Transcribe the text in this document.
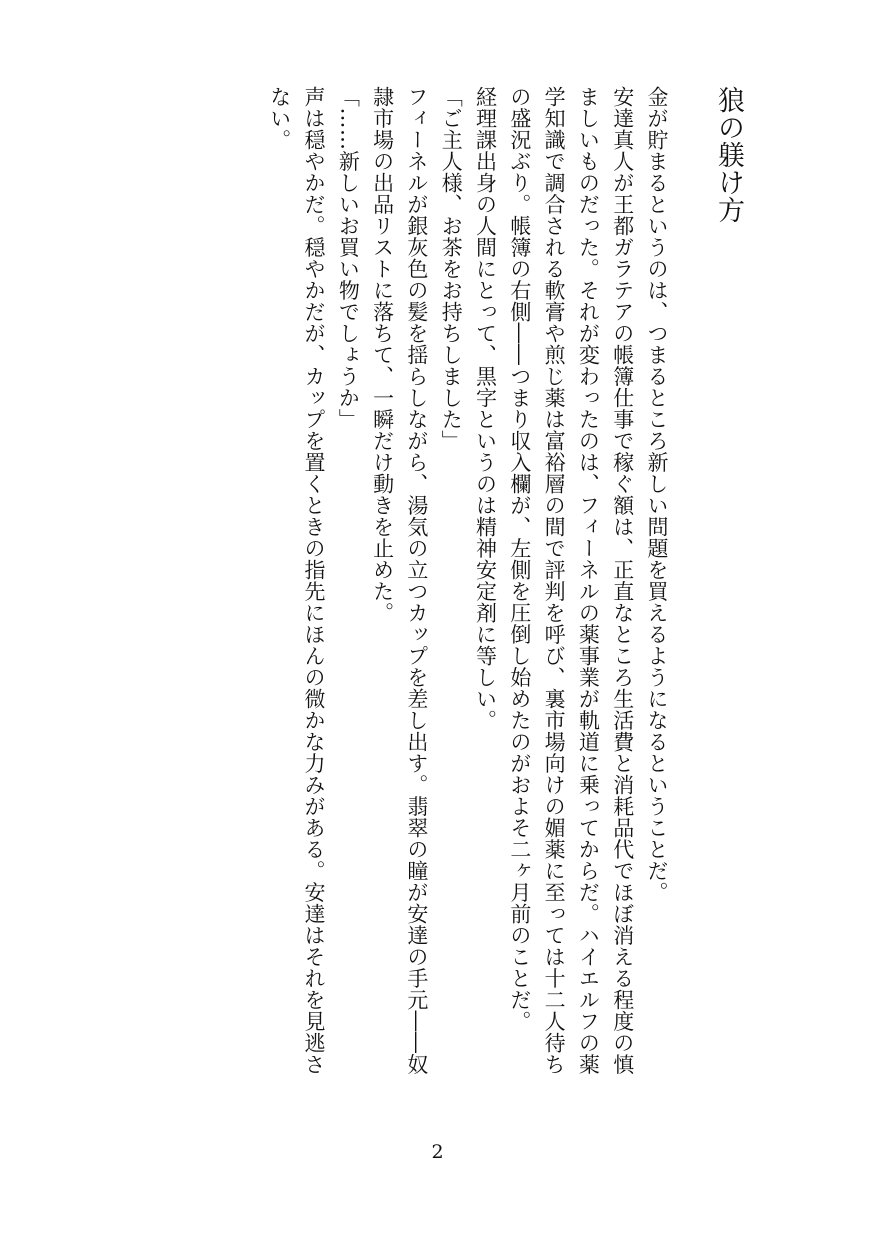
狼の躾け方

金が貯まるというのは、つまるところ新しい問題を買えるようになるということだ。

安達真人が王都ガラテアの帳簿仕事で稼ぐ額は、正直なところ生活費と消耗品代でほぼ消える程度の慎ましいものだった。それが変わったのは、フィーネルの薬事業が軌道に乗ってからだ。ハイエルフの薬学知識で調合される軟膏や煎じ薬は富裕層の間で評判を呼び、裏市場向けの媚薬に至っては十二人待ちの盛況ぶり。帳簿の右側――つまり収入欄が、左側を圧倒し始めたのがおよそ二ヶ月前のことだ。

経理課出身の人間にとって、黒字というのは精神安定剤に等しい。

「ご主人様、お茶をお持ちしました」

フィーネルが銀灰色の髪を揺らしながら、湯気の立つカップを差し出す。翡翠の瞳が安達の手元――奴隷市場の出品リストに落ちて、一瞬だけ動きを止めた。

「……新しいお買い物でしょうか」

声は穏やかだ。穏やかだが、カップを置くときの指先にほんの微かな力みがある。安達はそれを見逃さない。

2
